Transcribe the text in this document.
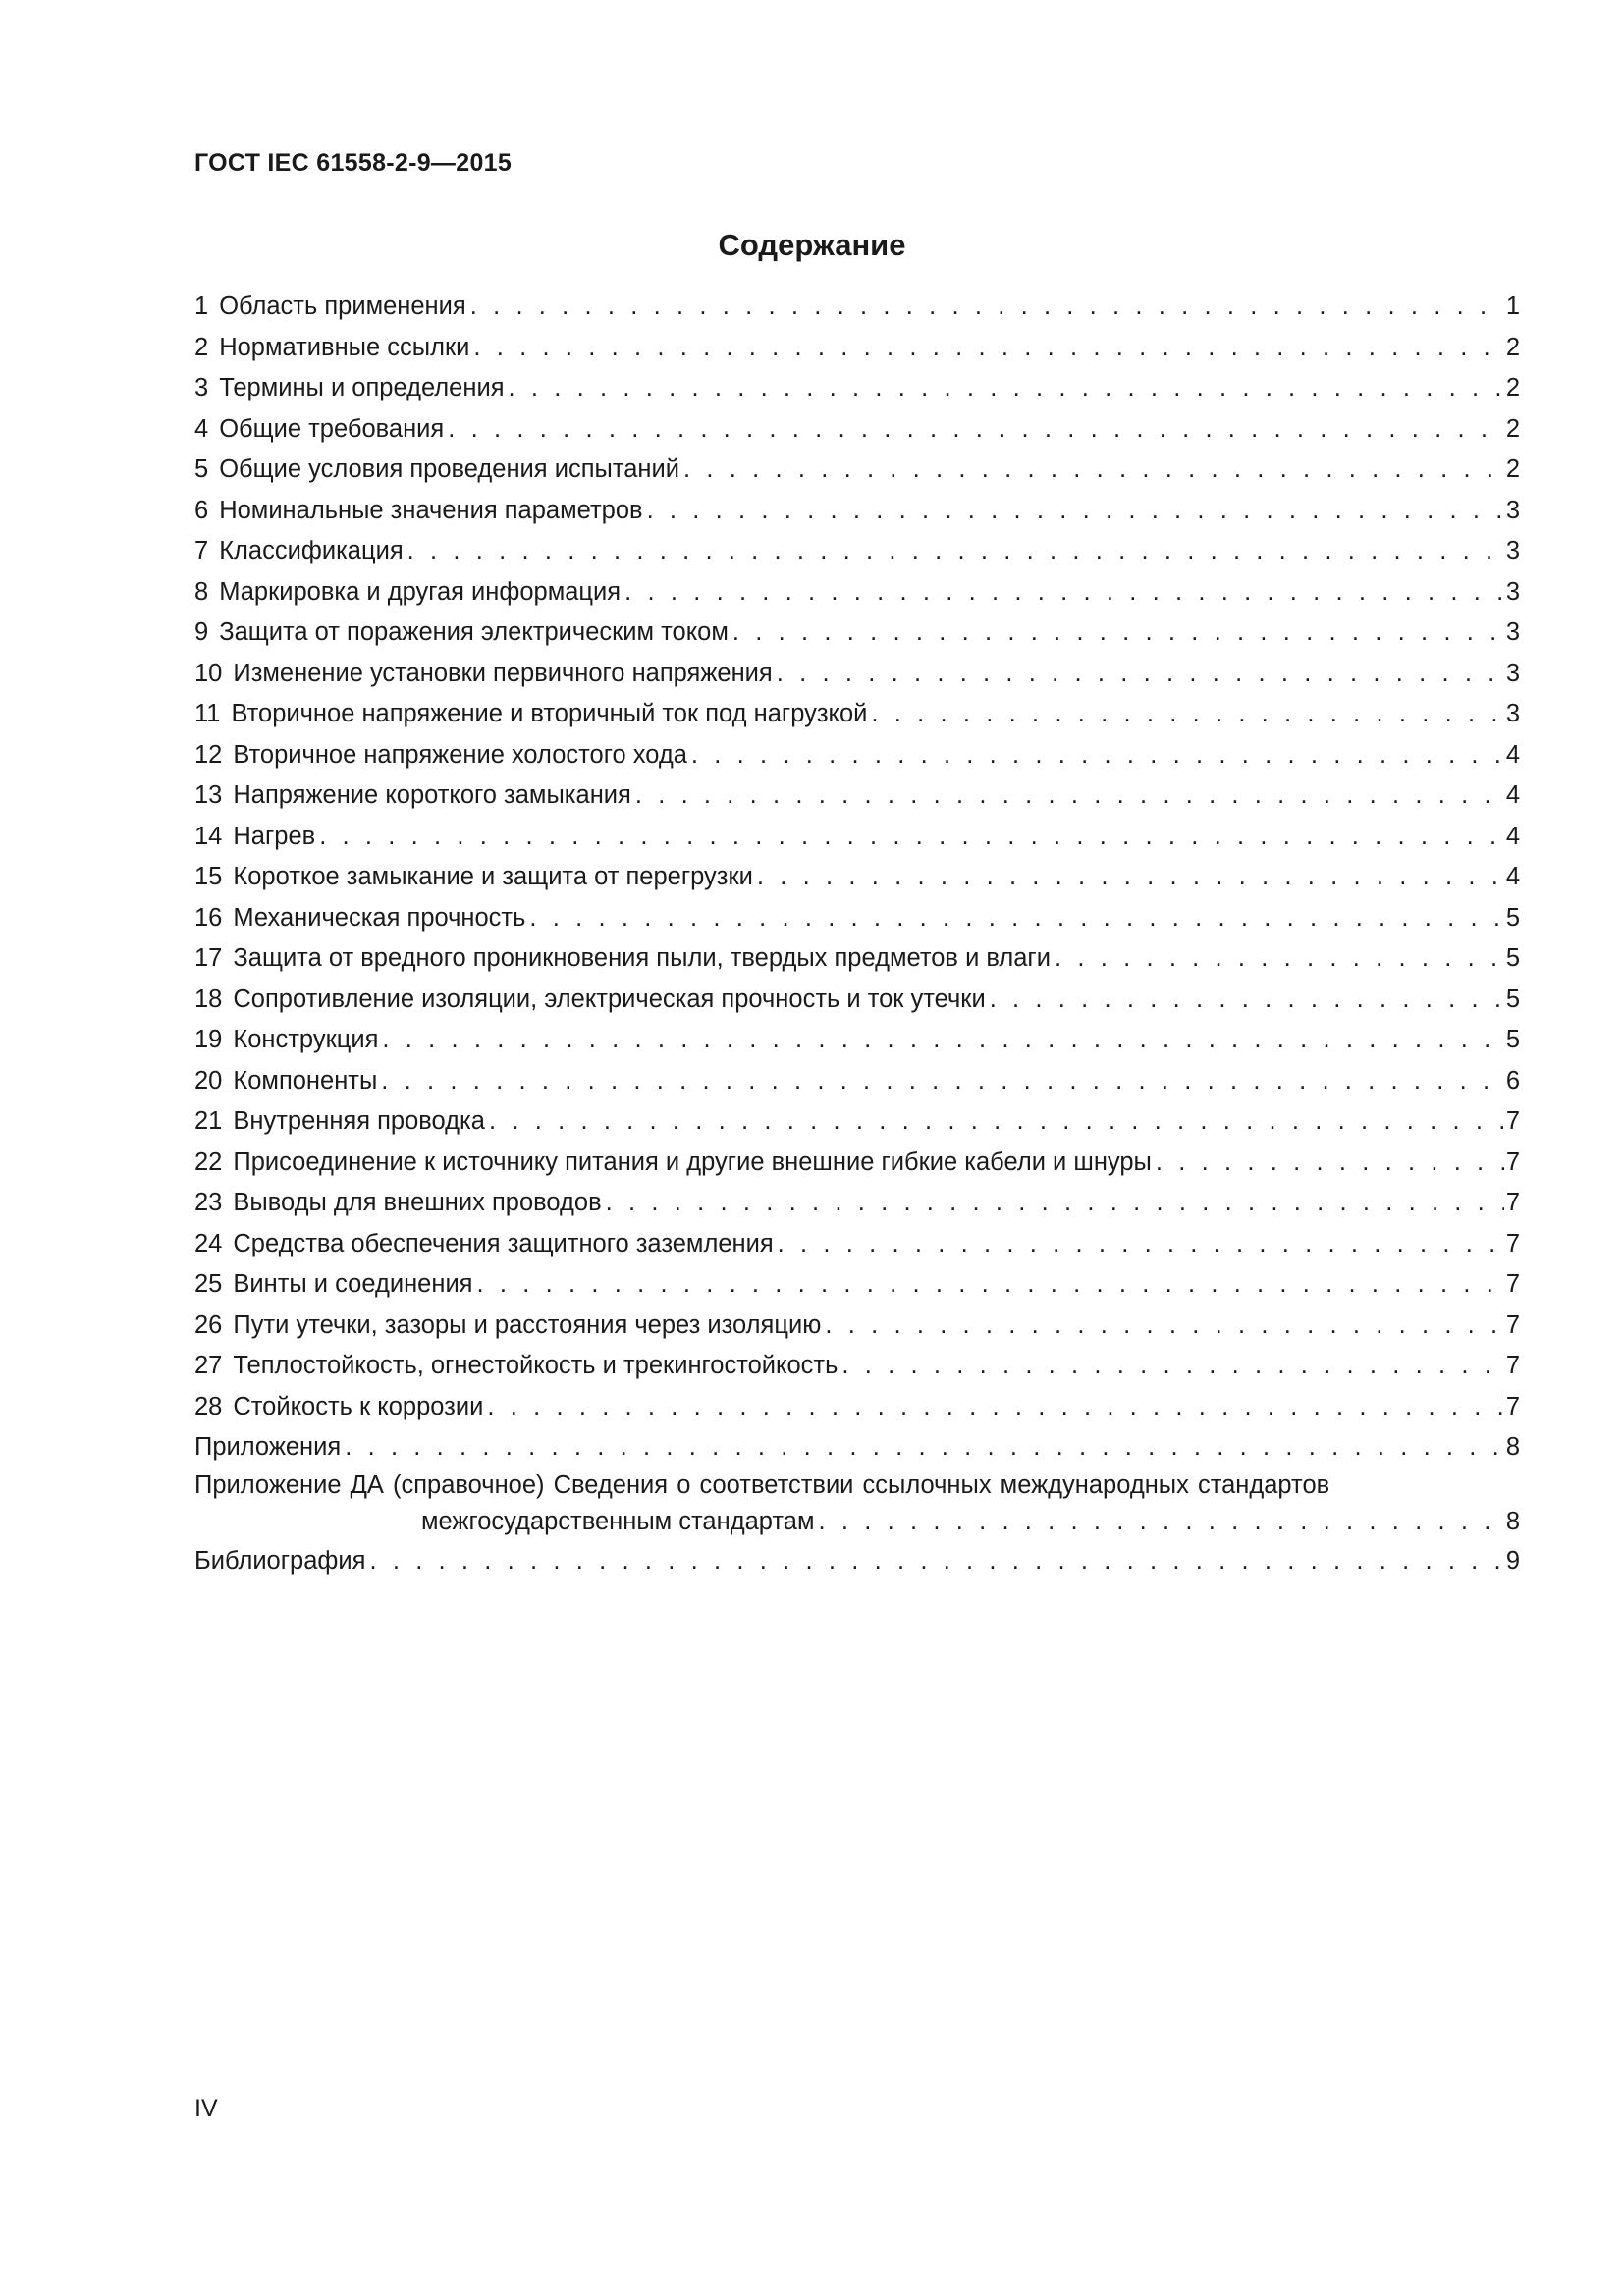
ГОСТ IEC 61558-2-9—2015
Содержание
1 Область применения . . .	1
2 Нормативные ссылки . . .	2
3 Термины и определения . . .	2
4 Общие требования . . .	2
5 Общие условия проведения испытаний . . .	2
6 Номинальные значения параметров . . .	3
7 Классификация . . .	3
8 Маркировка и другая информация . . .	3
9 Защита от поражения электрическим током . . .	3
10 Изменение установки первичного напряжения . . .	3
11 Вторичное напряжение и вторичный ток под нагрузкой . . .	3
12 Вторичное напряжение холостого хода . . .	4
13 Напряжение короткого замыкания . . .	4
14 Нагрев . . .	4
15 Короткое замыкание и защита от перегрузки . . .	4
16 Механическая прочность . . .	5
17 Защита от вредного проникновения пыли, твердых предметов и влаги . . .	5
18 Сопротивление изоляции, электрическая прочность и ток утечки . . .	5
19 Конструкция . . .	5
20 Компоненты . . .	6
21 Внутренняя проводка . . .	7
22 Присоединение к источнику питания и другие внешние гибкие кабели и шнуры . . .	7
23 Выводы для внешних проводов . . .	7
24 Средства обеспечения защитного заземления . . .	7
25 Винты и соединения . . .	7
26 Пути утечки, зазоры и расстояния через изоляцию . . .	7
27 Теплостойкость, огнестойкость и трекингостойкость . . .	7
28 Стойкость к коррозии . . .	7
Приложения . . .	8
Приложение ДА (справочное) Сведения о соответствии ссылочных международных стандартов
межгосударственным стандартам . . .	8
Библиография . . .	9
IV
